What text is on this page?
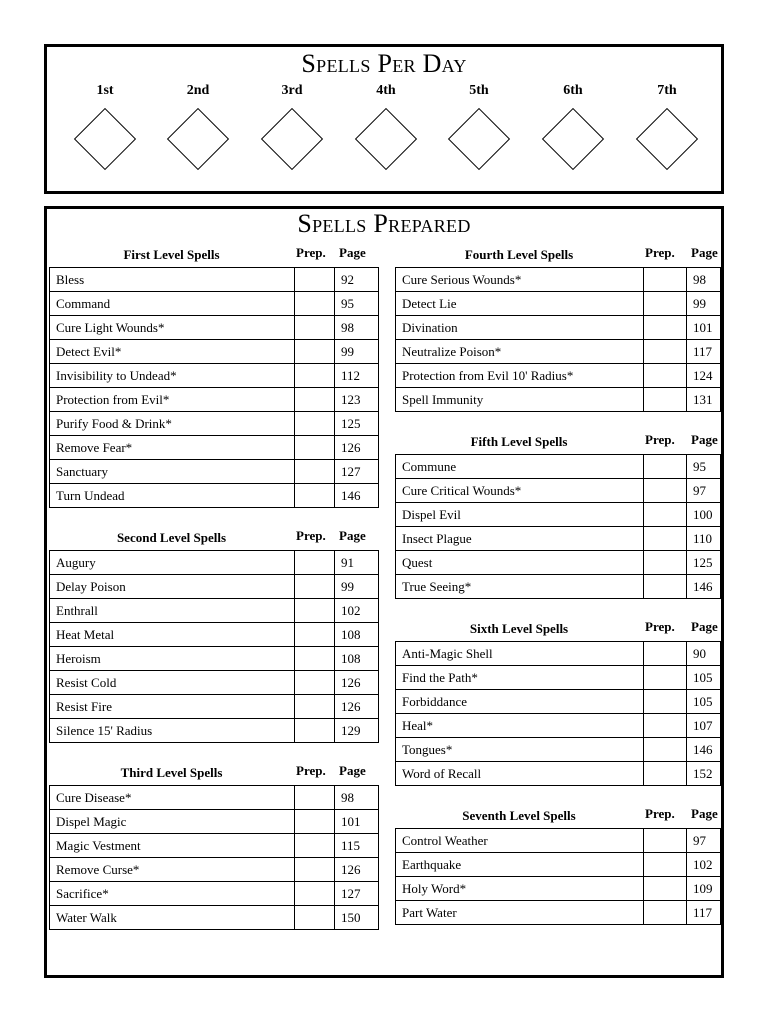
Spells Per Day
1st	2nd	3rd	4th	5th	6th	7th
Spells Prepared
First Level Spells	Prep. Page
Bless		92
Command		95
Cure Light Wounds*		98
Detect Evil*		99
Invisibility to Undead*		112
Protection from Evil*		123
Purify Food & Drink*		125
Remove Fear*		126
Sanctuary		127
Turn Undead		146
Second Level Spells	Prep. Page
Augury		91
Delay Poison		99
Enthrall		102
Heat Metal		108
Heroism		108
Resist Cold		126
Resist Fire		126
Silence 15' Radius		129
Third Level Spells	Prep. Page
Cure Disease*		98
Dispel Magic		101
Magic Vestment		115
Remove Curse*		126
Sacrifice*		127
Water Walk		150
Fourth Level Spells	Prep. Page
Cure Serious Wounds*		98
Detect Lie		99
Divination		101
Neutralize Poison*		117
Protection from Evil 10' Radius*		124
Spell Immunity		131
Fifth Level Spells	Prep. Page
Commune		95
Cure Critical Wounds*		97
Dispel Evil		100
Insect Plague		110
Quest		125
True Seeing*		146
Sixth Level Spells	Prep. Page
Anti-Magic Shell		90
Find the Path*		105
Forbiddance		105
Heal*		107
Tongues*		146
Word of Recall		152
Seventh Level Spells	Prep. Page
Control Weather		97
Earthquake		102
Holy Word*		109
Part Water		117
